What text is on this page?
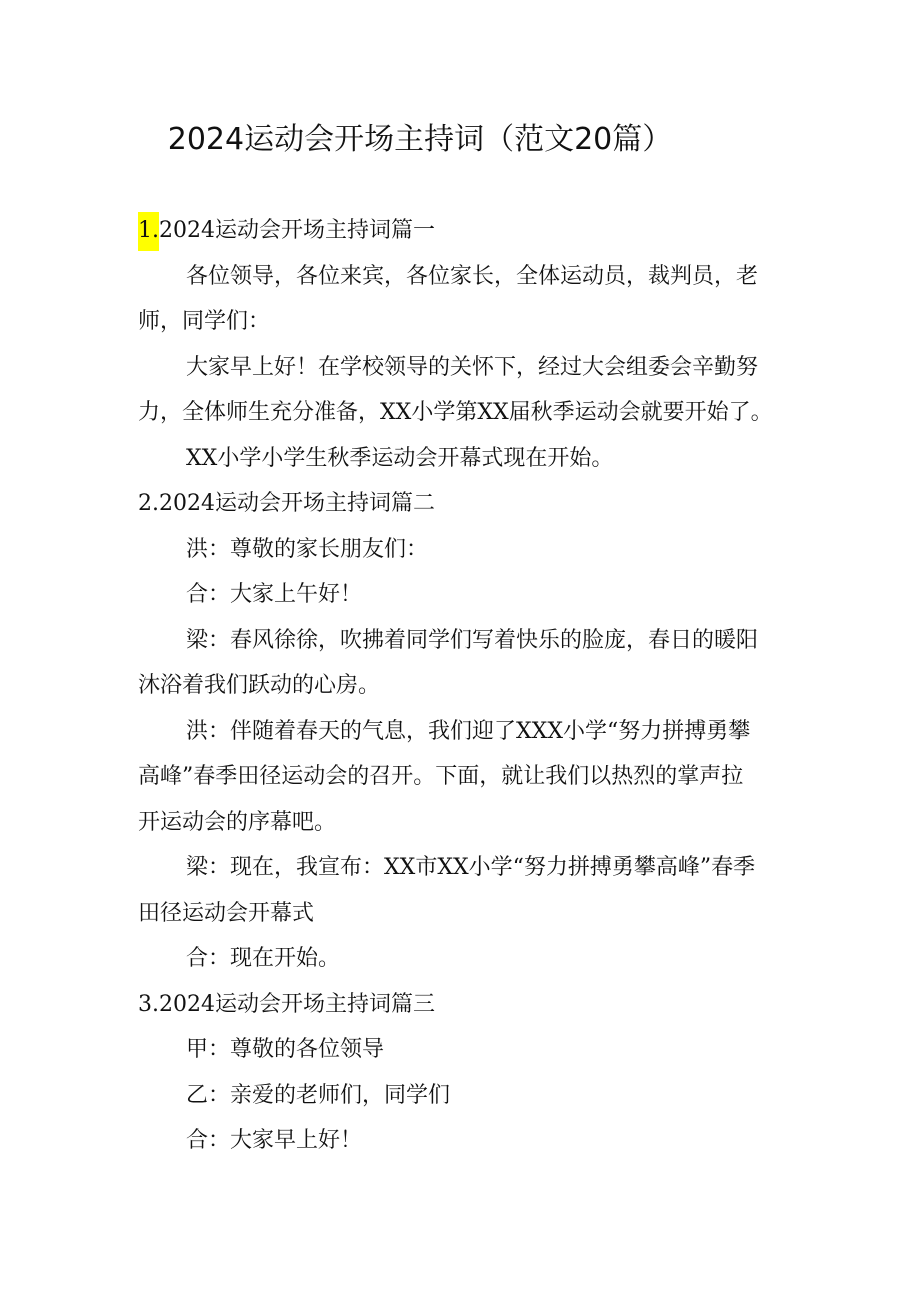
2024运动会开场主持词（范文20篇）
1.2024运动会开场主持词篇一
各位领导，各位来宾，各位家长，全体运动员，裁判员，老
师，同学们：
大家早上好！在学校领导的关怀下，经过大会组委会辛勤努
力，全体师生充分准备，XX小学第XX届秋季运动会就要开始了。
XX小学小学生秋季运动会开幕式现在开始。
2.2024运动会开场主持词篇二
洪：尊敬的家长朋友们：
合：大家上午好！
梁：春风徐徐，吹拂着同学们写着快乐的脸庞，春日的暖阳
沐浴着我们跃动的心房。
洪：伴随着春天的气息，我们迎了XXX小学“努力拼搏勇攀
高峰”春季田径运动会的召开。下面，就让我们以热烈的掌声拉
开运动会的序幕吧。
梁：现在，我宣布：XX市XX小学“努力拼搏勇攀高峰”春季
田径运动会开幕式
合：现在开始。
3.2024运动会开场主持词篇三
甲：尊敬的各位领导
乙：亲爱的老师们，同学们
合：大家早上好！
